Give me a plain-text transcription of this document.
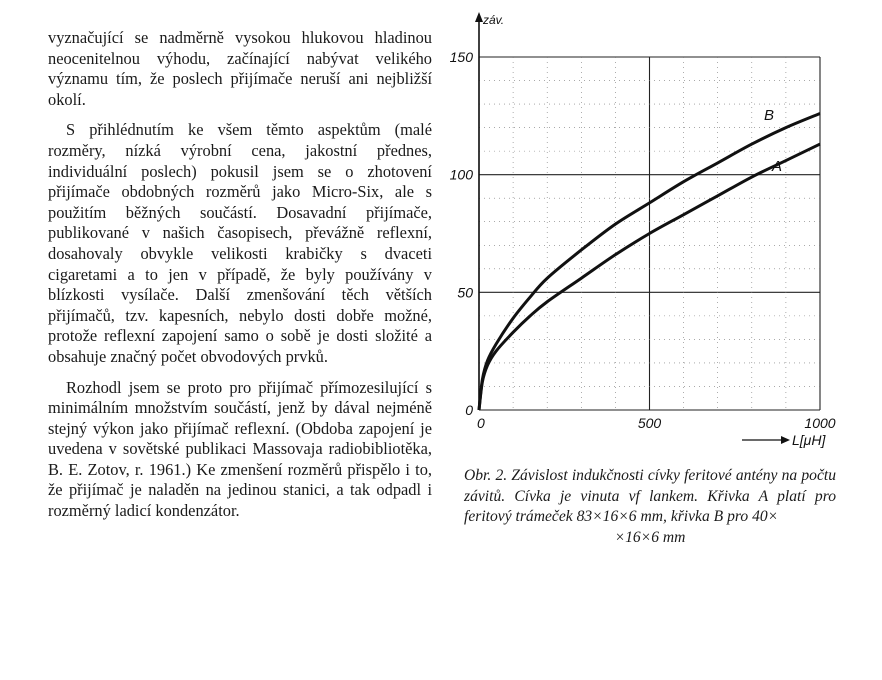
vyznačující se nadměrně vysokou hlukovou hladinou neocenitelnou výhodu, začínající nabývat velikého významu tím, že poslech přijímače neruší ani nejbližší okolí.

S přihlédnutím ke všem těmto aspektům (malé rozměry, nízká výrobní cena, jakostní přednes, individuální poslech) pokusil jsem se o zhotovení přijímače obdobných rozměrů jako Micro-Six, ale s použitím běžných součástí. Dosavadní přijímače, publikované v našich časopisech, převážně reflexní, dosahovaly obvykle velikosti krabičky s dvaceti cigaretami a to jen v případě, že byly používány v blízkosti vysílače. Další zmenšování těch větších přijímačů, tzv. kapesních, nebylo dosti dobře možné, protože reflexní zapojení samo o sobě je dosti složité a obsahuje značný počet obvodových prvků.

Rozhodl jsem se proto pro přijímač přímozesilující s minimálním množstvím součástí, jenž by dával nejméně stejný výkon jako přijímač reflexní. (Obdoba zapojení je uvedena v sovětské publikaci Massovaja radiobibliotěka, B. E. Zotov, r. 1961.) Ke zmenšení rozměrů přispělo i to, že přijímač je naladěn na jedinou stanici, a tak odpadl i rozměrný ladicí kondenzátor.

0
50
100
150
0	500	1000
záv.
L[μH]
A
B
Obr. 2. Závislost indukčnosti cívky feritové antény na počtu závitů. Cívka je vinuta vf lankem. Křivka A platí pro feritový trámeček 83×16×6 mm, křivka B pro 40×
×16×6 mm
